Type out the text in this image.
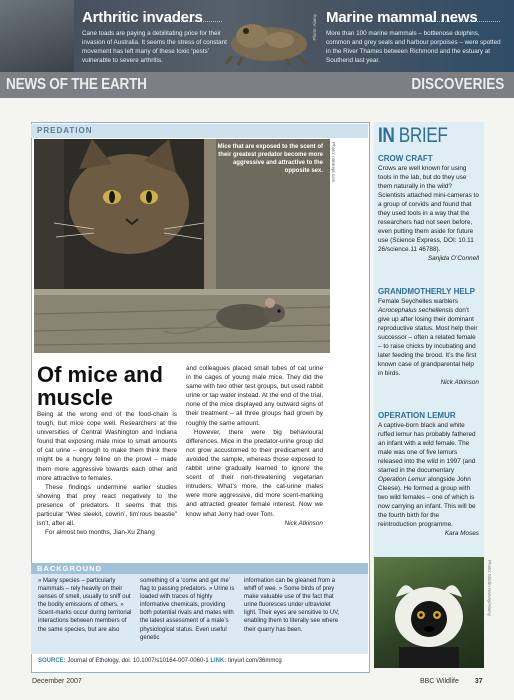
Arthritic invaders

Cane toads are paying a debilitating price for their invasion of Australia. It seems the stress of constant movement has left many of these toxic ‘pests’ vulnerable to severe arthritis.

Photo: Alamy Marine mammal news

More than 100 marine mammals – bottlenose dolphins, common and grey seals and harbour porpoises – were spotted in the River Thames between Richmond and the estuary at Southend last year.

NEWS OF THE EARTH	DISCOVERIES
PREDATION
Mice that are exposed to the scent of their greatest predator become more aggressive and attractive to the opposite sex. Photo: naturepl.com
Of mice and muscle

Being at the wrong end of the food-chain is tough, but mice cope well. Researchers at the universities of Central Washington and Indiana found that exposing male mice to small amounts of cat urine – enough to make them think there might be a hungry feline on the prowl – made them more aggressive towards each other and more attractive to females.

These findings undermine earlier studies showing that prey react negatively to the presence of predators. It seems that this particular “Wee sleekit, cowrin’, tim’rous beastie” isn’t, after all.

For almost two months, Jian-Xu Zhang

and colleagues placed small tubes of cat urine in the cages of young male mice. They did the same with two other test groups, but used rabbit urine or tap water instead. At the end of the trial, none of the mice displayed any outward signs of their treatment – all three groups had grown by roughly the same amount.

However, there were big behavioural differences. Mice in the predator-urine group did not grow accustomed to their predicament and avoided the sample, whereas those exposed to rabbit urine gradually learned to ignore the scent of their non-threatening vegetarian intruders. What’s more, the cat-urine males were more aggressive, did more scent-marking and attracted greater female interest. Now we know what Jerry had over Tom.

Nick Atkinson

BACKGROUND
» Many species – particularly mammals – rely heavily on their senses of smell, usually to sniff out the bodily emissions of others. » Scent-marks occur during territorial interactions between members of the same species, but are also
something of a ‘come and get me’ flag to passing predators. » Urine is loaded with traces of highly informative chemicals, providing both potential rivals and mates with the latest assessment of a male’s physiological status. Even useful genetic
information can be gleaned from a whiff of wee. » Some birds of prey make valuable use of the fact that urine fluoresces under ultraviolet light. Their eyes are sensitive to UV, enabling them to literally see where their quarry has been.
SOURCE: Journal of Ethology, doi: 10.1007/s10164-007-0060-1 LINK: tinyurl.com/36mmcg
IN BRIEF
CROW CRAFT
Crows are well known for using tools in the lab, but do they use them naturally in the wild? Scientists attached mini-cameras to a group of corvids and found that they used tools in a way that the researchers had not seen before, even putting them aside for future use (Science Express, DOI: 10.11 26/science.11 46788).
Sanjida O’Connell
GRANDMOTHERLY HELP
Female Seychelles warblers Acrocephalus sechellensis don’t give up after losing their dominant reproductive status. Most help their successor – often a related female – to raise chicks by incubating and later feeding the brood. It’s the first known case of grandparental help in birds.
Nick Atkinson
OPERATION LEMUR
A captive-born black and white ruffed lemur has probably fathered an infant with a wild female. The male was one of five lemurs released into the wild in 1997 (and starred in the documentary Operation Lemur alongside John Cleese). He formed a group with two wild females – one of which is now carrying an infant. This will be the fourth birth for the reintroduction programme.
Kara Moses
Photo: Martin Harvey/Alamy
December 2007	BBC Wildlife 37
